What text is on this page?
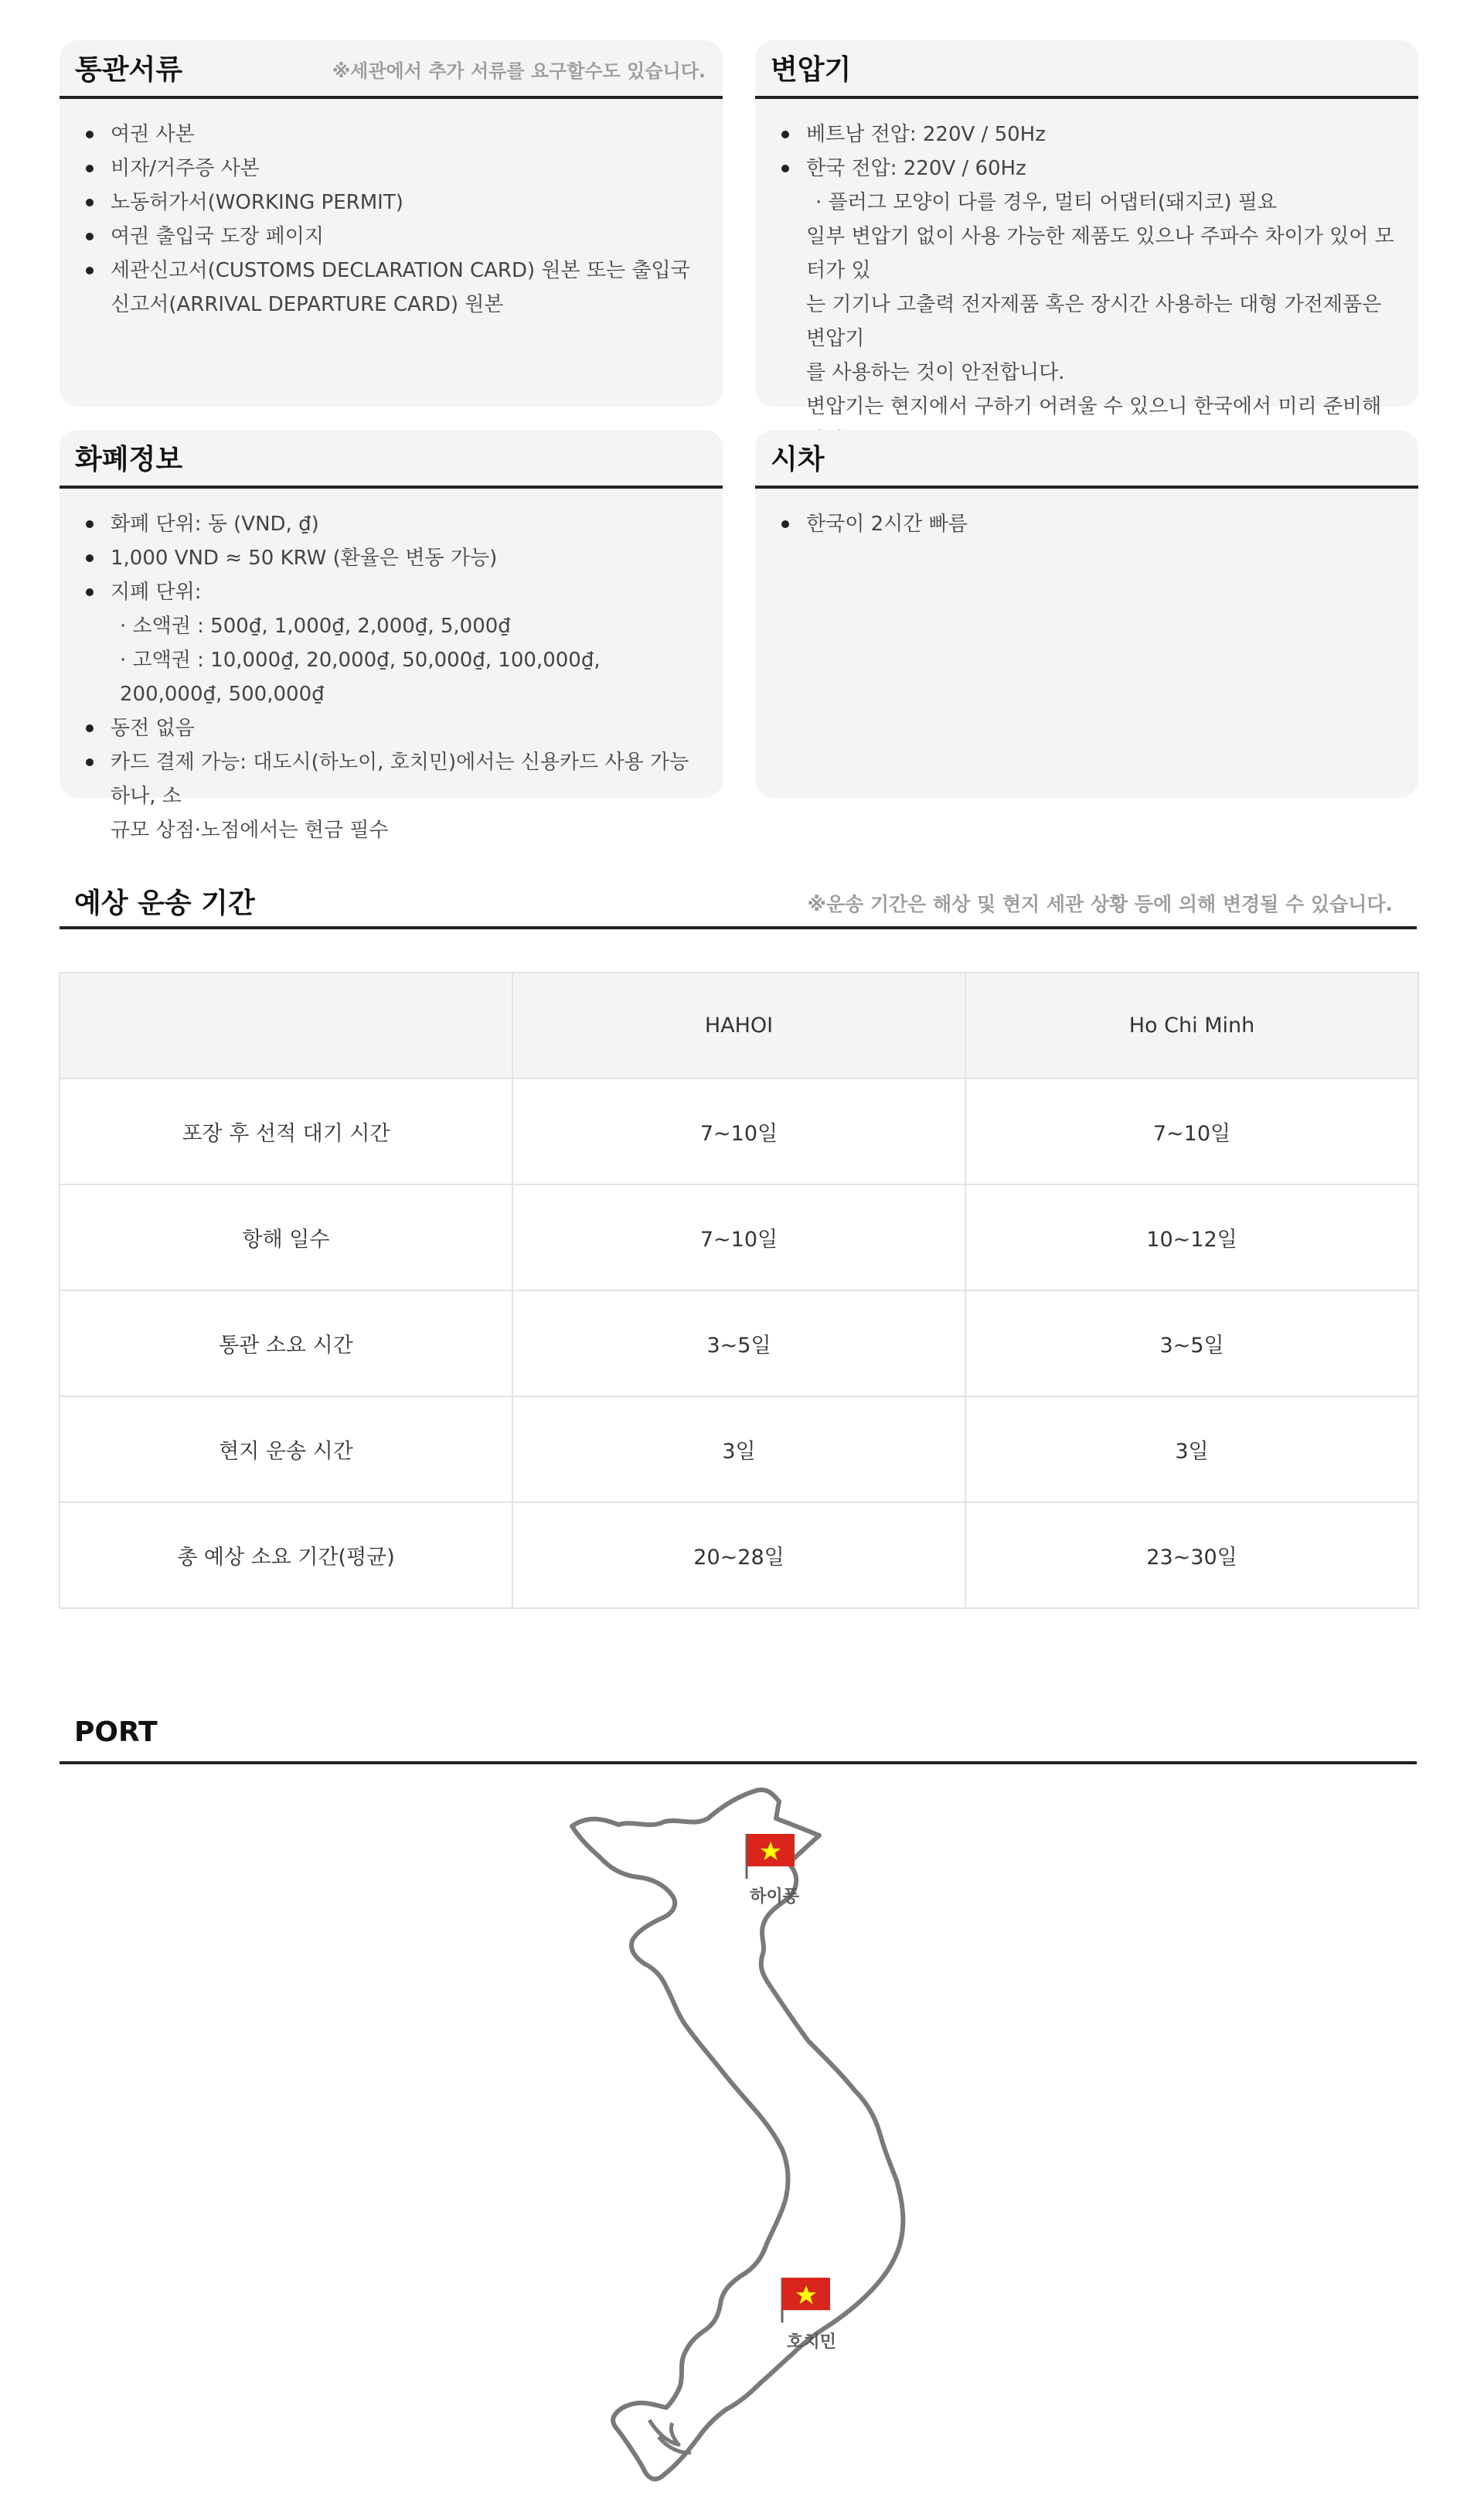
통관서류	※세관에서 추가 서류를 요구할수도 있습니다.
여권 사본
비자/거주증 사본
노동허가서(WORKING PERMIT)
여권 출입국 도장 페이지
세관신고서(CUSTOMS DECLARATION CARD) 원본 또는 출입국
신고서(ARRIVAL DEPARTURE CARD) 원본
변압기
베트남 전압: 220V / 50Hz
한국 전압: 220V / 60Hz
· 플러그 모양이 다를 경우, 멀티 어댑터(돼지코) 필요
일부 변압기 없이 사용 가능한 제품도 있으나 주파수 차이가 있어 모터가 있
는 기기나 고출력 전자제품 혹은 장시간 사용하는 대형 가전제품은 변압기
를 사용하는 것이 안전합니다.
변압기는 현지에서 구하기 어려울 수 있으니 한국에서 미리 준비해
화폐정보
화폐 단위: 동 (VND, ₫)
1,000 VND ≈ 50 KRW (환율은 변동 가능)
지폐 단위:
· 소액권 : 500₫, 1,000₫, 2,000₫, 5,000₫
· 고액권 : 10,000₫, 20,000₫, 50,000₫, 100,000₫, 200,000₫, 500,000₫
동전 없음
카드 결제 가능: 대도시(하노이, 호치민)에서는 신용카드 사용 가능하나, 소
규모 상점·노점에서는 현금 필수
시차
한국이 2시간 빠름
예상 운송 기간	※운송 기간은 해상 및 현지 세관 상황 등에 의해 변경될 수 있습니다.
	HAHOI	Ho Chi Minh
포장 후 선적 대기 시간	7~10일	7~10일
항해 일수	7~10일	10~12일
통관 소요 시간	3~5일	3~5일
현지 운송 시간	3일	3일
총 예상 소요 기간(평균)	20~28일	23~30일
PORT
하이퐁
호치민
